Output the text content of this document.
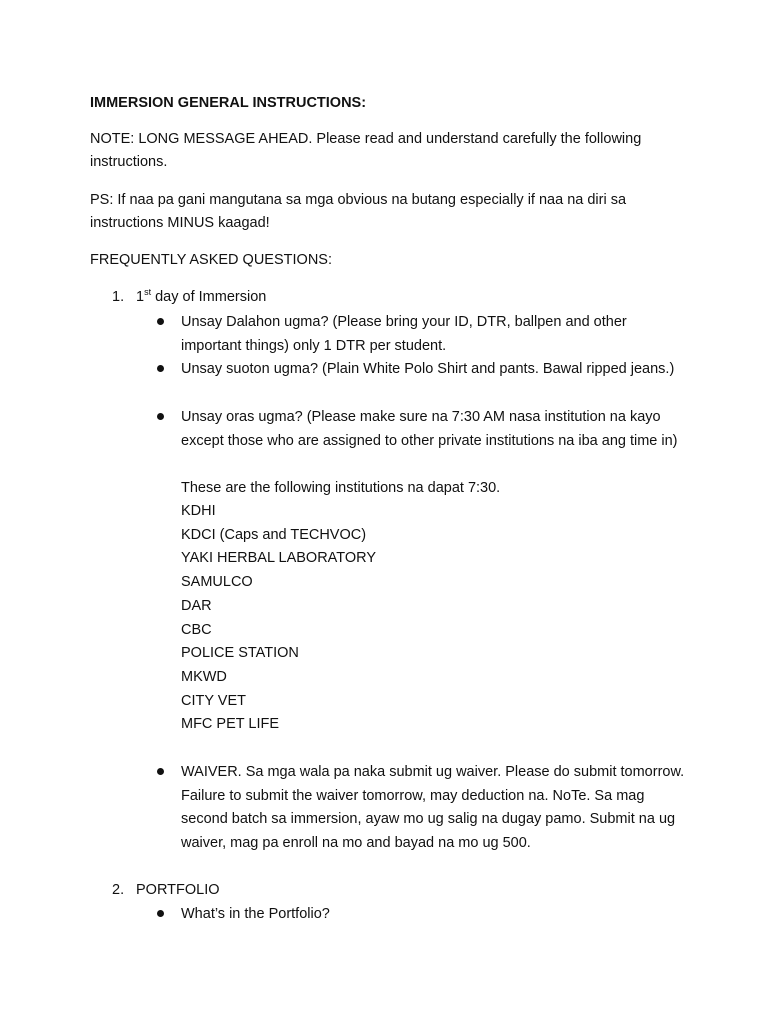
IMMERSION GENERAL INSTRUCTIONS:

NOTE: LONG MESSAGE AHEAD. Please read and understand carefully the following instructions.

PS: If naa pa gani mangutana sa mga obvious na butang especially if naa na diri sa instructions MINUS kaagad!

FREQUENTLY ASKED QUESTIONS:

1. 1st day of Immersion

Unsay Dalahon ugma? (Please bring your ID, DTR, ballpen and other important things) only 1 DTR per student.

Unsay suoton ugma? (Plain White Polo Shirt and pants. Bawal ripped jeans.)

Unsay oras ugma? (Please make sure na 7:30 AM nasa institution na kayo except those who are assigned to other private institutions na iba ang time in)

These are the following institutions na dapat 7:30.

KDHI
KDCI (Caps and TECHVOC)
YAKI HERBAL LABORATORY
SAMULCO
DAR
CBC
POLICE STATION
MKWD
CITY VET
MFC PET LIFE

WAIVER. Sa mga wala pa naka submit ug waiver. Please do submit tomorrow. Failure to submit the waiver tomorrow, may deduction na. NoTe. Sa mag second batch sa immersion, ayaw mo ug salig na dugay pamo. Submit na ug waiver, mag pa enroll na mo and bayad na mo ug 500.

2. PORTFOLIO

What’s in the Portfolio?
